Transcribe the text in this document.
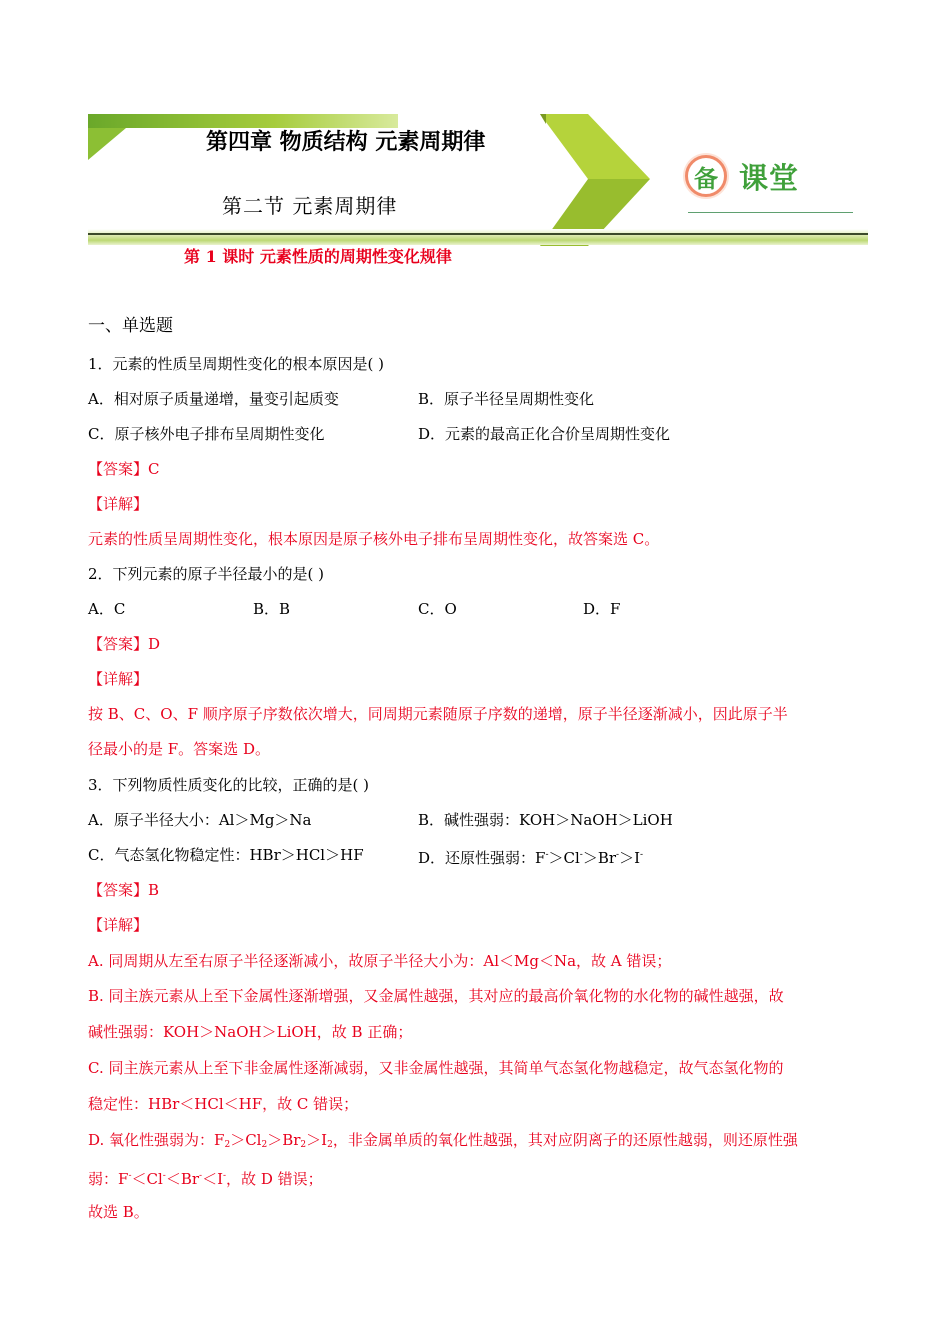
第四章 物质结构 元素周期律
第二节 元素周期律
备 课堂
第 1 课时 元素性质的周期性变化规律
一、单选题
1．元素的性质呈周期性变化的根本原因是( )
A．相对原子质量递增，量变引起质变	B．原子半径呈周期性变化
C．原子核外电子排布呈周期性变化	D．元素的最高正化合价呈周期性变化
【答案】C
【详解】
元素的性质呈周期性变化，根本原因是原子核外电子排布呈周期性变化，故答案选 C。
2．下列元素的原子半径最小的是( )
A．C	B．B	C．O	D．F
【答案】D
【详解】
按 B、C、O、F 顺序原子序数依次增大，同周期元素随原子序数的递增，原子半径逐渐减小，因此原子半
径最小的是 F。答案选 D。
3．下列物质性质变化的比较，正确的是( )
A．原子半径大小：Al＞Mg＞Na	B．碱性强弱：KOH＞NaOH＞LiOH
C．气态氢化物稳定性：HBr＞HCl＞HF	D．还原性强弱：F-＞Cl-＞Br-＞I-
【答案】B
【详解】
A. 同周期从左至右原子半径逐渐减小，故原子半径大小为：Al＜Mg＜Na，故 A 错误；
B. 同主族元素从上至下金属性逐渐增强，又金属性越强，其对应的最高价氧化物的水化物的碱性越强，故
碱性强弱：KOH＞NaOH＞LiOH，故 B 正确；
C. 同主族元素从上至下非金属性逐渐减弱，又非金属性越强，其简单气态氢化物越稳定，故气态氢化物的
稳定性：HBr＜HCl＜HF，故 C 错误；
D. 氧化性强弱为：$F_2>Cl_2>Br_2>I_2$，非金属单质的氧化性越强，其对应阴离子的还原性越弱，则还原性强
弱：F-＜Cl-＜Br-＜I-，故 D 错误；
故选 B。
